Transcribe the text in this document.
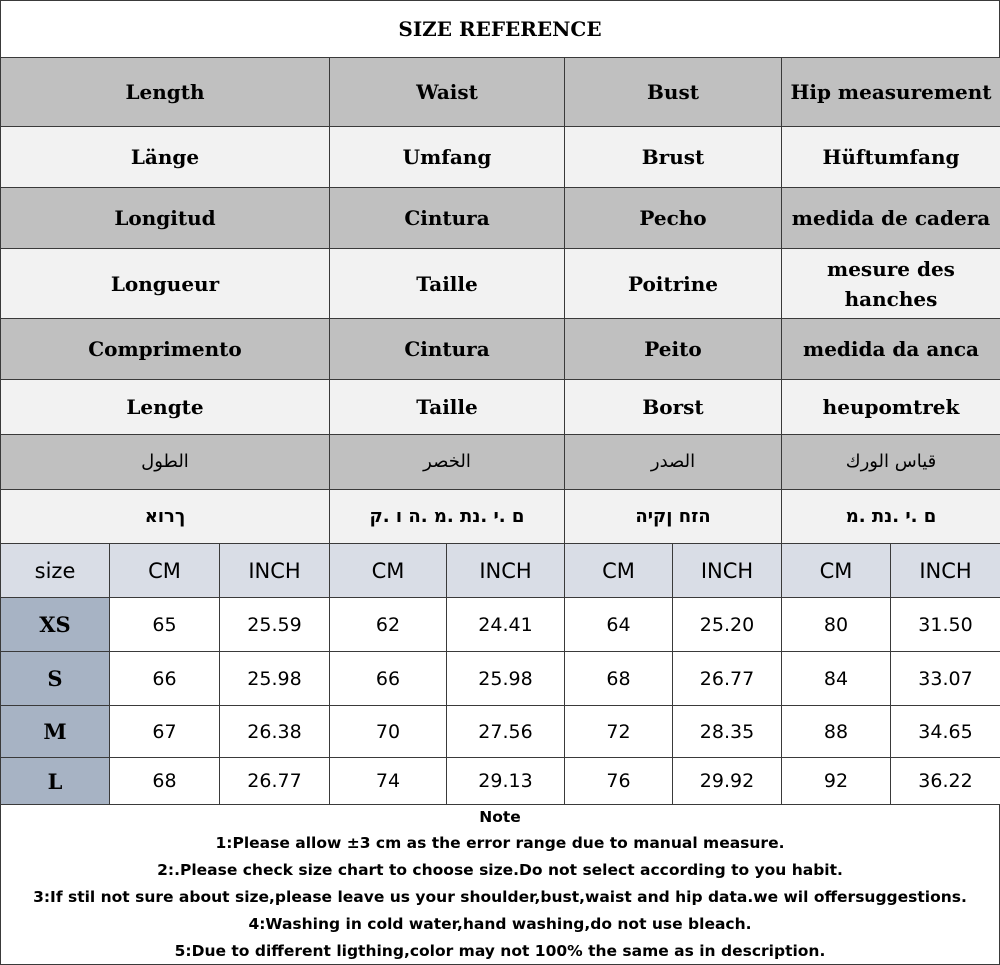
SIZE REFERENCE
Length	Waist	Bust	Hip measurement
Länge	Umfang	Brust	Hüftumfang
Longitud	Cintura	Pecho	medida de cadera
Longueur	Taille	Poitrine	mesure des hanches
Comprimento	Cintura	Peito	medida da anca
Lengte	Taille	Borst	heupomtrek
الطول	الخصر	الصدر	قياس الورك
ךרוא	ם .י .נת .מ .ה ו .ק	הזח ןקיה	ם .י .נת .מ
size	CM	INCH	CM	INCH	CM	INCH	CM	INCH
XS	65	25.59	62	24.41	64	25.20	80	31.50
S	66	25.98	66	25.98	68	26.77	84	33.07
M	67	26.38	70	27.56	72	28.35	88	34.65
L	68	26.77	74	29.13	76	29.92	92	36.22
Note
1:Please allow ±3 cm as the error range due to manual measure.
2:.Please check size chart to choose size.Do not select according to you habit.
3:If stil not sure about size,please leave us your shoulder,bust,waist and hip data.we wil offersuggestions.
4:Washing in cold water,hand washing,do not use bleach.
5:Due to different ligthing,color may not 100% the same as in description.
